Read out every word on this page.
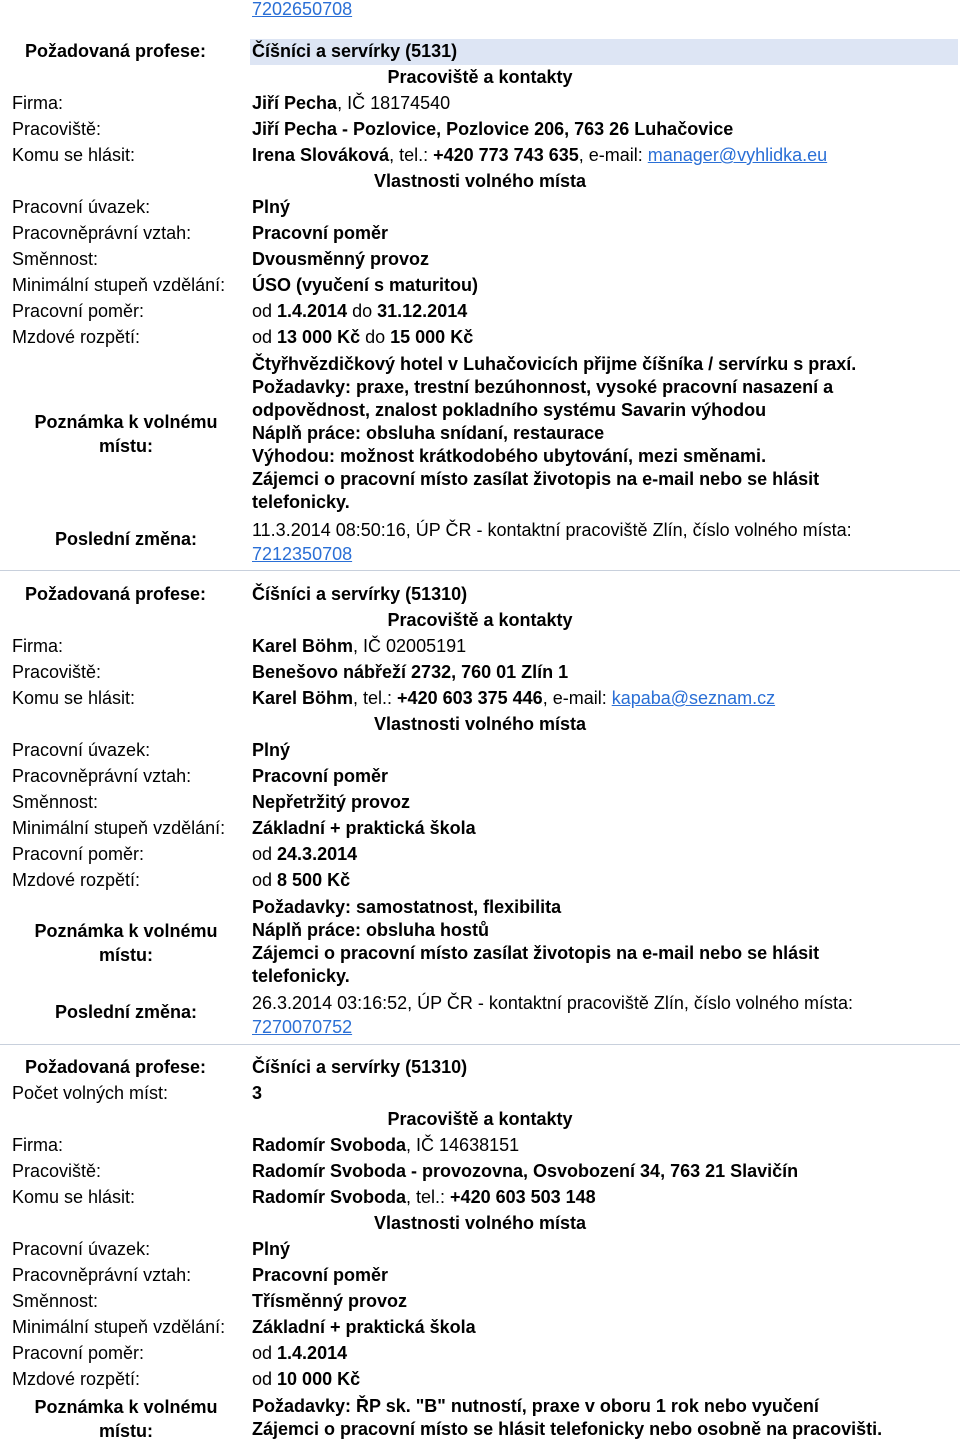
7202650708
Požadovaná profese:	Číšníci a servírky (5131)
Pracoviště a kontakty
Firma:	Jiří Pecha, IČ 18174540
Pracoviště:	Jiří Pecha - Pozlovice, Pozlovice 206, 763 26 Luhačovice
Komu se hlásit:	Irena Slováková, tel.: +420 773 743 635, e-mail: manager@vyhlidka.eu
Vlastnosti volného místa
Pracovní úvazek:	Plný
Pracovněprávní vztah:	Pracovní poměr
Směnnost:	Dvousměnný provoz
Minimální stupeň vzdělání: ÚSO (vyučení s maturitou)
Pracovní poměr:	od 1.4.2014 do 31.12.2014
Mzdové rozpětí:	od 13 000 Kč do 15 000 Kč
Poznámka k volnému místu:
Čtyřhvězdičkový hotel v Luhačovicích přijme číšníka / servírku s praxí.
Požadavky: praxe, trestní bezúhonnost, vysoké pracovní nasazení a
odpovědnost, znalost pokladního systému Savarin výhodou
Náplň práce: obsluha snídaní, restaurace
Výhodou: možnost krátkodobého ubytování, mezi směnami.
Zájemci o pracovní místo zasílat životopis na e-mail nebo se hlásit
telefonicky.
Poslední změna:	11.3.2014 08:50:16, ÚP ČR - kontaktní pracoviště Zlín, číslo volného místa:
7212350708
Požadovaná profese:	Číšníci a servírky (51310)
Pracoviště a kontakty
Firma:	Karel Böhm, IČ 02005191
Pracoviště:	Benešovo nábřeží 2732, 760 01 Zlín 1
Komu se hlásit:	Karel Böhm, tel.: +420 603 375 446, e-mail: kapaba@seznam.cz
Vlastnosti volného místa
Pracovní úvazek:	Plný
Pracovněprávní vztah:	Pracovní poměr
Směnnost:	Nepřetržitý provoz
Minimální stupeň vzdělání: Základní + praktická škola
Pracovní poměr:	od 24.3.2014
Mzdové rozpětí:	od 8 500 Kč
Poznámka k volnému místu:
Požadavky: samostatnost, flexibilita
Náplň práce: obsluha hostů
Zájemci o pracovní místo zasílat životopis na e-mail nebo se hlásit
telefonicky.
Poslední změna:	26.3.2014 03:16:52, ÚP ČR - kontaktní pracoviště Zlín, číslo volného místa:
7270070752
Požadovaná profese:	Číšníci a servírky (51310)
Počet volných míst:	3
Pracoviště a kontakty
Firma:	Radomír Svoboda, IČ 14638151
Pracoviště:	Radomír Svoboda - provozovna, Osvobození 34, 763 21 Slavičín
Komu se hlásit:	Radomír Svoboda, tel.: +420 603 503 148
Vlastnosti volného místa
Pracovní úvazek:	Plný
Pracovněprávní vztah:	Pracovní poměr
Směnnost:	Třísměnný provoz
Minimální stupeň vzdělání: Základní + praktická škola
Pracovní poměr:	od 1.4.2014
Mzdové rozpětí:	od 10 000 Kč
Poznámka k volnému místu:
Požadavky: ŘP sk. "B" nutností, praxe v oboru 1 rok nebo vyučení
Zájemci o pracovní místo se hlásit telefonicky nebo osobně na pracovišti.
